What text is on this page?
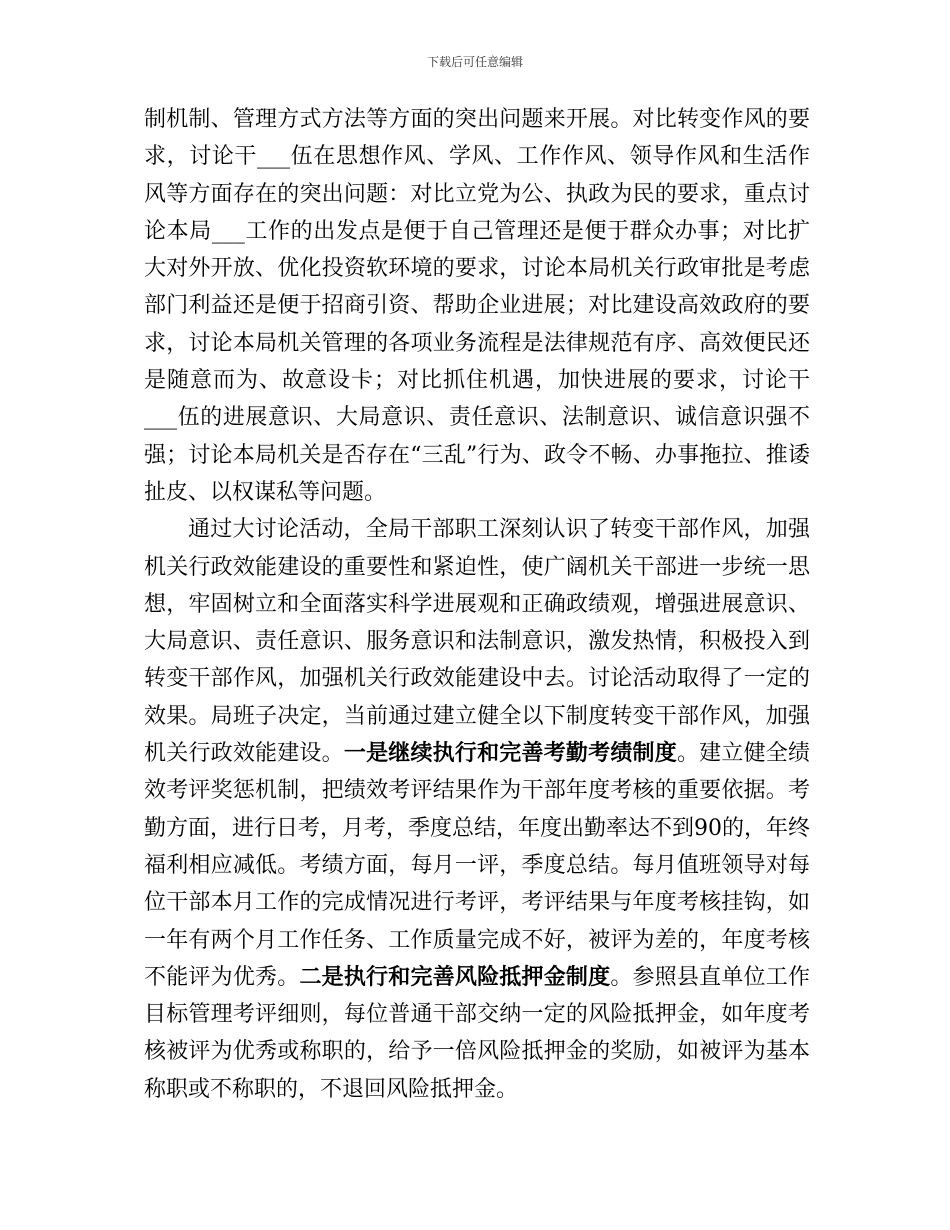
下载后可任意编辑

制机制、管理方式方法等方面的突出问题来开展。对比转变作风的要求，讨论干___伍在思想作风、学风、工作作风、领导作风和生活作风等方面存在的突出问题：对比立党为公、执政为民的要求，重点讨论本局___工作的出发点是便于自己管理还是便于群众办事；对比扩大对外开放、优化投资软环境的要求，讨论本局机关行政审批是考虑部门利益还是便于招商引资、帮助企业进展；对比建设高效政府的要求，讨论本局机关管理的各项业务流程是法律规范有序、高效便民还是随意而为、故意设卡；对比抓住机遇，加快进展的要求，讨论干___伍的进展意识、大局意识、责任意识、法制意识、诚信意识强不强；讨论本局机关是否存在“三乱”行为、政令不畅、办事拖拉、推诿扯皮、以权谋私等问题。

通过大讨论活动，全局干部职工深刻认识了转变干部作风，加强机关行政效能建设的重要性和紧迫性，使广阔机关干部进一步统一思想，牢固树立和全面落实科学进展观和正确政绩观，增强进展意识、大局意识、责任意识、服务意识和法制意识，激发热情，积极投入到转变干部作风，加强机关行政效能建设中去。讨论活动取得了一定的效果。局班子决定，当前通过建立健全以下制度转变干部作风，加强机关行政效能建设。一是继续执行和完善考勤考绩制度。建立健全绩效考评奖惩机制，把绩效考评结果作为干部年度考核的重要依据。考勤方面，进行日考，月考，季度总结，年度出勤率达不到90的，年终福利相应减低。考绩方面，每月一评，季度总结。每月值班领导对每位干部本月工作的完成情况进行考评，考评结果与年度考核挂钩，如一年有两个月工作任务、工作质量完成不好，被评为差的，年度考核不能评为优秀。二是执行和完善风险抵押金制度。参照县直单位工作目标管理考评细则，每位普通干部交纳一定的风险抵押金，如年度考核被评为优秀或称职的，给予一倍风险抵押金的奖励，如被评为基本称职或不称职的，不退回风险抵押金。
